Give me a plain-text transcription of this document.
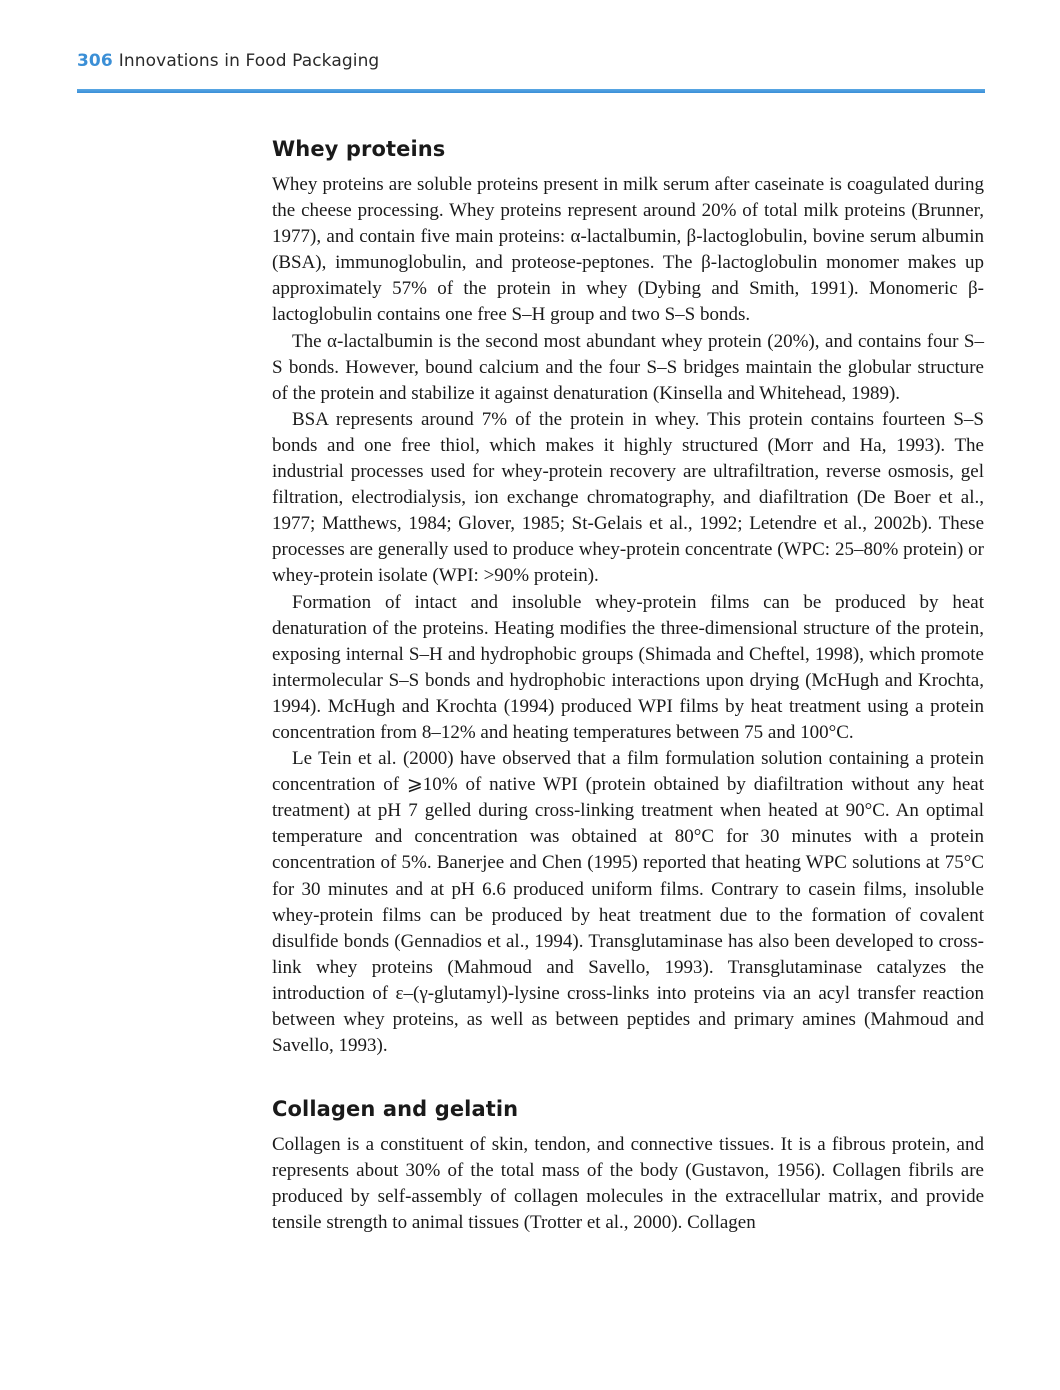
306 Innovations in Food Packaging
Whey proteins

Whey proteins are soluble proteins present in milk serum after caseinate is coagulated during the cheese processing. Whey proteins represent around 20% of total milk proteins (Brunner, 1977), and contain five main proteins: α-lactalbumin, β-lactoglobulin, bovine serum albumin (BSA), immunoglobulin, and proteose-peptones. The β-lactoglobulin monomer makes up approximately 57% of the protein in whey (Dybing and Smith, 1991). Monomeric β-lactoglobulin contains one free S–H group and two S–S bonds.

The α-lactalbumin is the second most abundant whey protein (20%), and contains four S–S bonds. However, bound calcium and the four S–S bridges maintain the globular structure of the protein and stabilize it against denaturation (Kinsella and Whitehead, 1989).

BSA represents around 7% of the protein in whey. This protein contains fourteen S–S bonds and one free thiol, which makes it highly structured (Morr and Ha, 1993). The industrial processes used for whey-protein recovery are ultrafiltration, reverse osmosis, gel filtration, electrodialysis, ion exchange chromatography, and diafiltration (De Boer et al., 1977; Matthews, 1984; Glover, 1985; St-Gelais et al., 1992; Letendre et al., 2002b). These processes are generally used to produce whey-protein concentrate (WPC: 25–80% protein) or whey-protein isolate (WPI: >90% protein).

Formation of intact and insoluble whey-protein films can be produced by heat denaturation of the proteins. Heating modifies the three-dimensional structure of the protein, exposing internal S–H and hydrophobic groups (Shimada and Cheftel, 1998), which promote intermolecular S–S bonds and hydrophobic interactions upon drying (McHugh and Krochta, 1994). McHugh and Krochta (1994) produced WPI films by heat treatment using a protein concentration from 8–12% and heating temperatures between 75 and 100°C.

Le Tein et al. (2000) have observed that a film formulation solution containing a protein concentration of ⩾10% of native WPI (protein obtained by diafiltration without any heat treatment) at pH 7 gelled during cross-linking treatment when heated at 90°C. An optimal temperature and concentration was obtained at 80°C for 30 minutes with a protein concentration of 5%. Banerjee and Chen (1995) reported that heating WPC solutions at 75°C for 30 minutes and at pH 6.6 produced uniform films. Contrary to casein films, insoluble whey-protein films can be produced by heat treatment due to the formation of covalent disulfide bonds (Gennadios et al., 1994). Transglutaminase has also been developed to cross-link whey proteins (Mahmoud and Savello, 1993). Transglutaminase catalyzes the introduction of ε–(γ-glutamyl)-lysine cross-links into proteins via an acyl transfer reaction between whey proteins, as well as between peptides and primary amines (Mahmoud and Savello, 1993).

Collagen and gelatin

Collagen is a constituent of skin, tendon, and connective tissues. It is a fibrous protein, and represents about 30% of the total mass of the body (Gustavon, 1956). Collagen fibrils are produced by self-assembly of collagen molecules in the extracellular matrix, and provide tensile strength to animal tissues (Trotter et al., 2000). Collagen
